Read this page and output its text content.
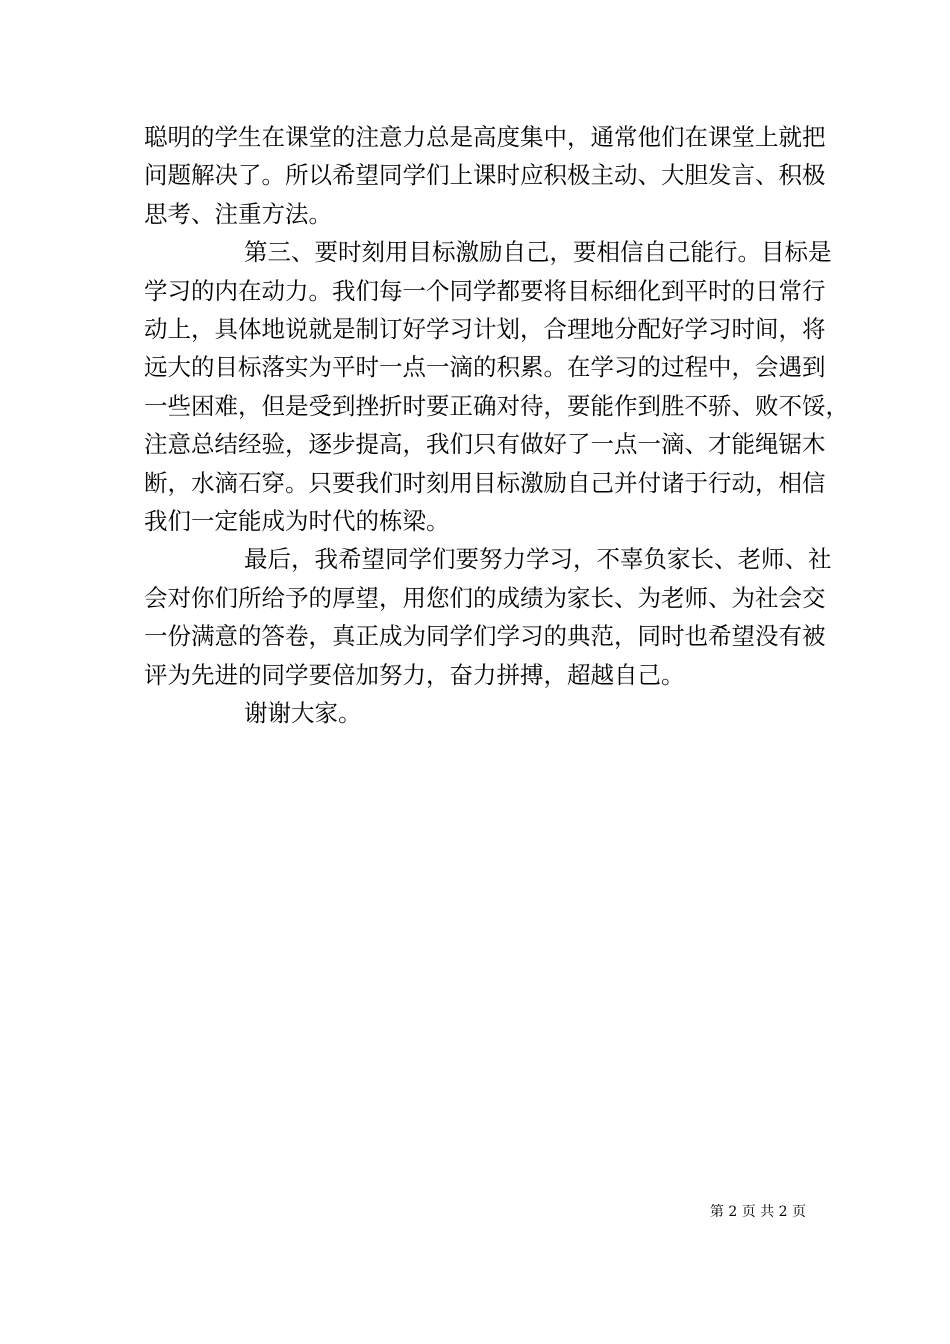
聪明的学生在课堂的注意力总是高度集中，通常他们在课堂上就把
问题解决了。所以希望同学们上课时应积极主动、大胆发言、积极
思考、注重方法。

第三、要时刻用目标激励自己，要相信自己能行。目标是
学习的内在动力。我们每一个同学都要将目标细化到平时的日常行
动上，具体地说就是制订好学习计划，合理地分配好学习时间，将
远大的目标落实为平时一点一滴的积累。在学习的过程中，会遇到
一些困难，但是受到挫折时要正确对待，要能作到胜不骄、败不馁，
注意总结经验，逐步提高，我们只有做好了一点一滴、才能绳锯木
断，水滴石穿。只要我们时刻用目标激励自己并付诸于行动，相信
我们一定能成为时代的栋梁。

最后，我希望同学们要努力学习，不辜负家长、老师、社
会对你们所给予的厚望，用您们的成绩为家长、为老师、为社会交
一份满意的答卷，真正成为同学们学习的典范，同时也希望没有被
评为先进的同学要倍加努力，奋力拼搏，超越自己。

谢谢大家。

第 2 页 共 2 页
